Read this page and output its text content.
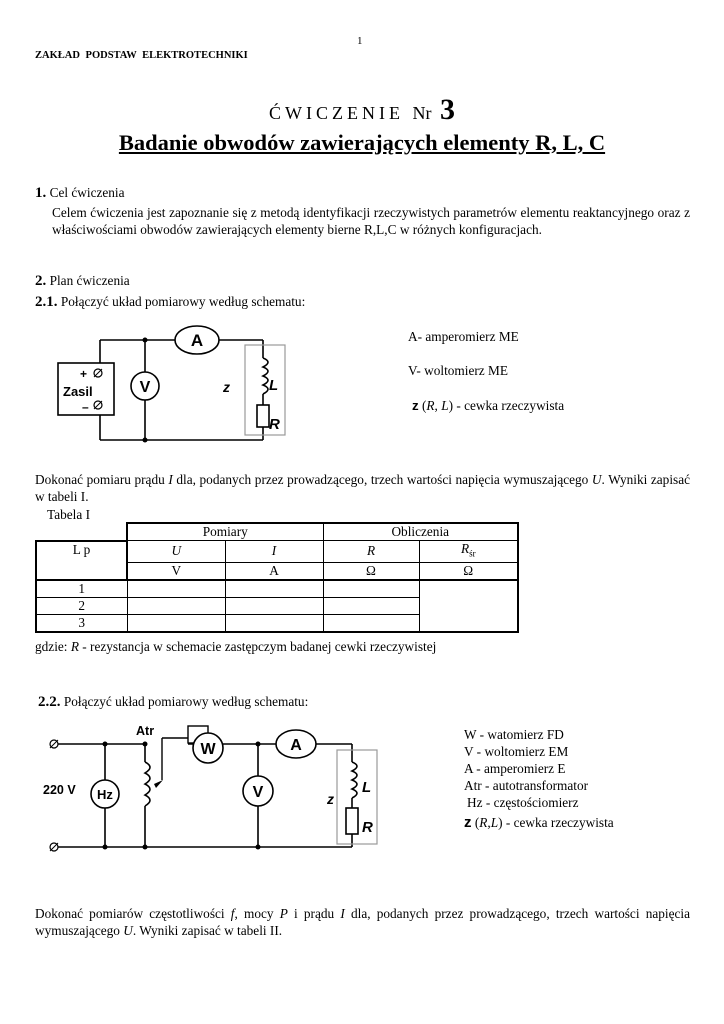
1
ZAKŁAD PODSTAW ELEKTROTECHNIKI
ĆWICZENIE Nr 3
Badanie obwodów zawierających elementy R, L, C
1. Cel ćwiczenia
Celem ćwiczenia jest zapoznanie się z metodą identyfikacji rzeczywistych parametrów elementu reaktancyjnego oraz z właściwościami obwodów zawierających elementy bierne R,L,C w różnych konfiguracjach.
2. Plan ćwiczenia
2.1. Połączyć układ pomiarowy według schematu:
A
V
+
Zasil
–
z	L
R
A- amperomierz ME
V- woltomierz ME
z (R, L) - cewka rzeczywista
Dokonać pomiaru prądu I dla, podanych przez prowadzącego, trzech wartości napięcia wymuszającego U. Wyniki zapisać w tabeli I.
Tabela I
	Pomiary		Obliczenia	
L p	U	I	R	$R_{śr}$
	V	A	Ω	Ω
1				
2				
3				
gdzie: R - rezystancja w schemacie zastępczym badanej cewki rzeczywistej
2.2. Połączyć układ pomiarowy według schematu:
Hz
220 V
Atr
W	A
V	z
L
R
W - watomierz FD
V - woltomierz EM
A - amperomierz E
Atr - autotransformator
Hz - częstościomierz
z (R,L) - cewka rzeczywista
Dokonać pomiarów częstotliwości f, mocy P i prądu I dla, podanych przez prowadzącego, trzech wartości napięcia wymuszającego U. Wyniki zapisać w tabeli II.
